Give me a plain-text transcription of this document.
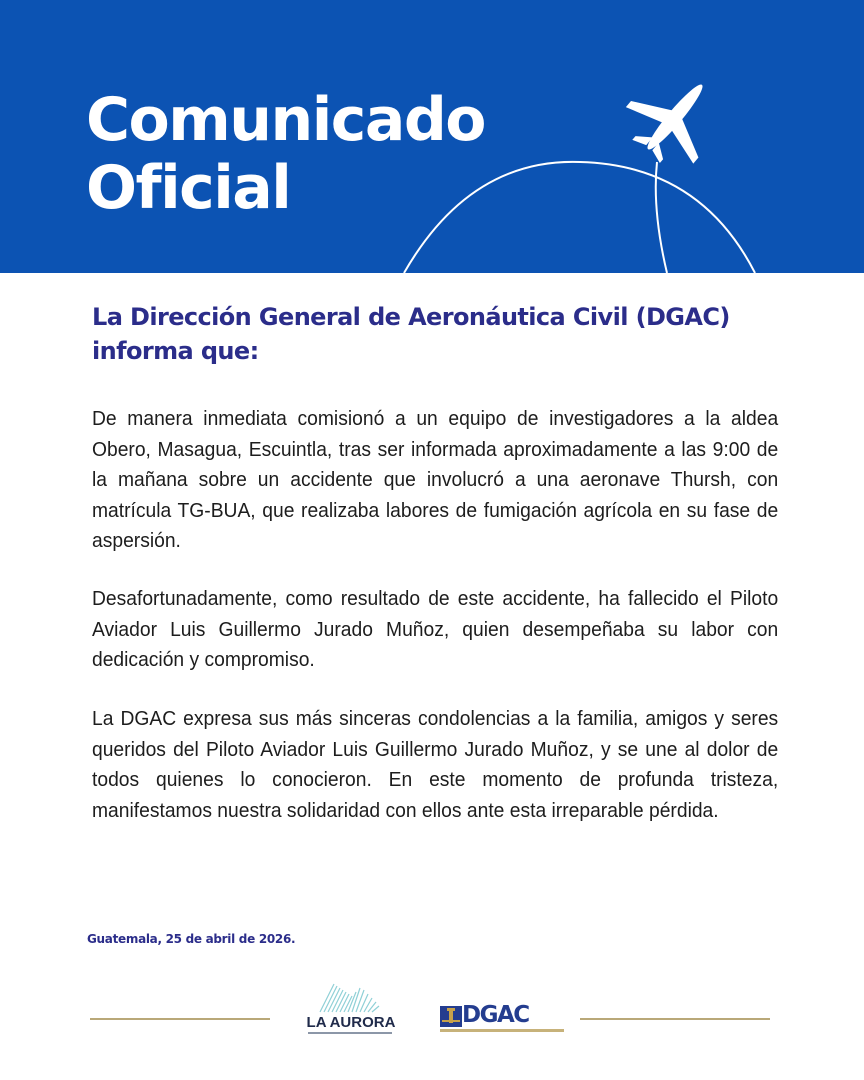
Comunicado
Oficial
La Dirección General de Aeronáutica Civil (DGAC) informa que:

De manera inmediata comisionó a un equipo de investigadores a la aldea Obero, Masagua, Escuintla, tras ser informada aproximadamente a las 9:00 de la mañana sobre un accidente que involucró a una aeronave Thursh, con matrícula TG-BUA, que realizaba labores de fumigación agrícola en su fase de aspersión.

Desafortunadamente, como resultado de este accidente, ha fallecido el Piloto Aviador Luis Guillermo Jurado Muñoz, quien desempeñaba su labor con dedicación y compromiso.

La DGAC expresa sus más sinceras condolencias a la familia, amigos y seres queridos del Piloto Aviador Luis Guillermo Jurado Muñoz, y se une al dolor de todos quienes lo conocieron. En este momento de profunda tristeza, manifestamos nuestra solidaridad con ellos ante esta irreparable pérdida.

Guatemala, 25 de abril de 2026.
LA AURORA	DGAC
